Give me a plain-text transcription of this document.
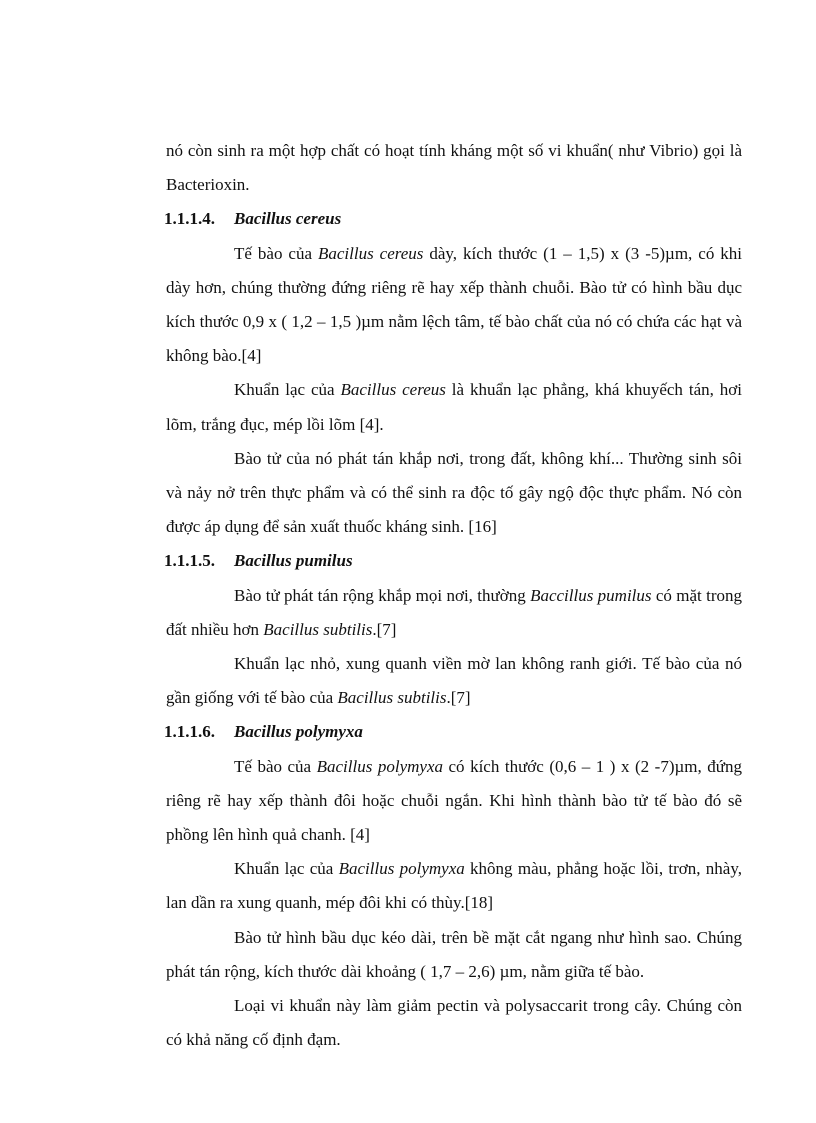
nó còn sinh ra một hợp chất có hoạt tính kháng một số vi khuẩn( như Vibrio) gọi là Bacterioxin.

1.1.1.4. Bacillus cereus

Tế bào của Bacillus cereus dày, kích thước (1 – 1,5) x (3 -5)µm, có khi dày hơn, chúng thường đứng riêng rẽ hay xếp thành chuỗi. Bào tử có hình bầu dục kích thước 0,9 x ( 1,2 – 1,5 )µm nằm lệch tâm, tế bào chất của nó có chứa các hạt và không bào.[4]

Khuẩn lạc của Bacillus cereus là khuẩn lạc phẳng, khá khuyếch tán, hơi lõm, trắng đục, mép lồi lõm [4].

Bào tử của nó phát tán khắp nơi, trong đất, không khí... Thường sinh sôi và nảy nở trên thực phẩm và có thể sinh ra độc tố gây ngộ độc thực phẩm. Nó còn được áp dụng để sản xuất thuốc kháng sinh. [16]

1.1.1.5. Bacillus pumilus

Bào tử phát tán rộng khắp mọi nơi, thường Baccillus pumilus có mặt trong đất nhiều hơn Bacillus subtilis.[7]

Khuẩn lạc nhỏ, xung quanh viền mờ lan không ranh giới. Tế bào của nó gần giống với tế bào của Bacillus subtilis.[7]

1.1.1.6. Bacillus polymyxa

Tế bào của Bacillus polymyxa có kích thước (0,6 – 1 ) x (2 -7)µm, đứng riêng rẽ hay xếp thành đôi hoặc chuỗi ngắn. Khi hình thành bào tử tế bào đó sẽ phồng lên hình quả chanh. [4]

Khuẩn lạc của Bacillus polymyxa không màu, phẳng hoặc lồi, trơn, nhày, lan dần ra xung quanh, mép đôi khi có thùy.[18]

Bào tử hình bầu dục kéo dài, trên bề mặt cắt ngang như hình sao. Chúng phát tán rộng, kích thước dài khoảng ( 1,7 – 2,6) µm, nằm giữa tế bào.

Loại vi khuẩn này làm giảm pectin và polysaccarit trong cây. Chúng còn có khả năng cố định đạm.
